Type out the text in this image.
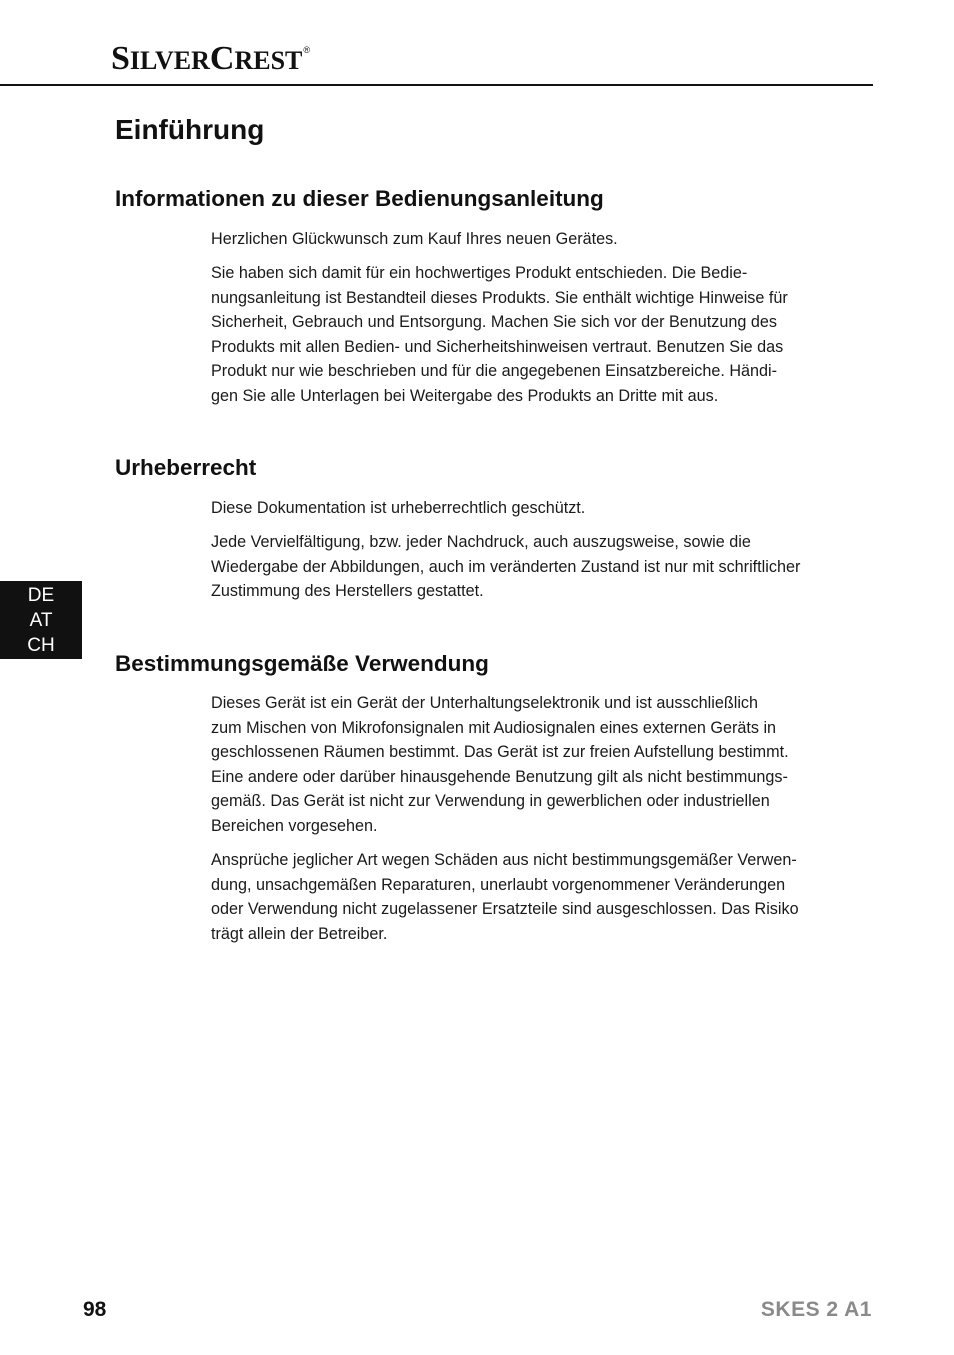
SILVERCREST®
Einführung
Informationen zu dieser Bedienungsanleitung

Herzlichen Glückwunsch zum Kauf Ihres neuen Gerätes.

Sie haben sich damit für ein hochwertiges Produkt entschieden. Die Bedie-
nungsanleitung ist Bestandteil dieses Produkts. Sie enthält wichtige Hinweise für
Sicherheit, Gebrauch und Entsorgung. Machen Sie sich vor der Benutzung des
Produkts mit allen Bedien- und Sicherheitshinweisen vertraut. Benutzen Sie das
Produkt nur wie beschrieben und für die angegebenen Einsatzbereiche. Händi-
gen Sie alle Unterlagen bei Weitergabe des Produkts an Dritte mit aus.

Urheberrecht

Diese Dokumentation ist urheberrechtlich geschützt.

Jede Vervielfältigung, bzw. jeder Nachdruck, auch auszugsweise, sowie die
Wiedergabe der Abbildungen, auch im veränderten Zustand ist nur mit schriftlicher
Zustimmung des Herstellers gestattet.

DE
AT
CH
Bestimmungsgemäße Verwendung

Dieses Gerät ist ein Gerät der Unterhaltungselektronik und ist ausschließlich
zum Mischen von Mikrofonsignalen mit Audiosignalen eines externen Geräts in
geschlossenen Räumen bestimmt. Das Gerät ist zur freien Aufstellung bestimmt.
Eine andere oder darüber hinausgehende Benutzung gilt als nicht bestimmungs-
gemäß. Das Gerät ist nicht zur Verwendung in gewerblichen oder industriellen
Bereichen vorgesehen.

Ansprüche jeglicher Art wegen Schäden aus nicht bestimmungsgemäßer Verwen-
dung, unsachgemäßen Reparaturen, unerlaubt vorgenommener Veränderungen
oder Verwendung nicht zugelassener Ersatzteile sind ausgeschlossen. Das Risiko
trägt allein der Betreiber.

98	SKES 2 A1
